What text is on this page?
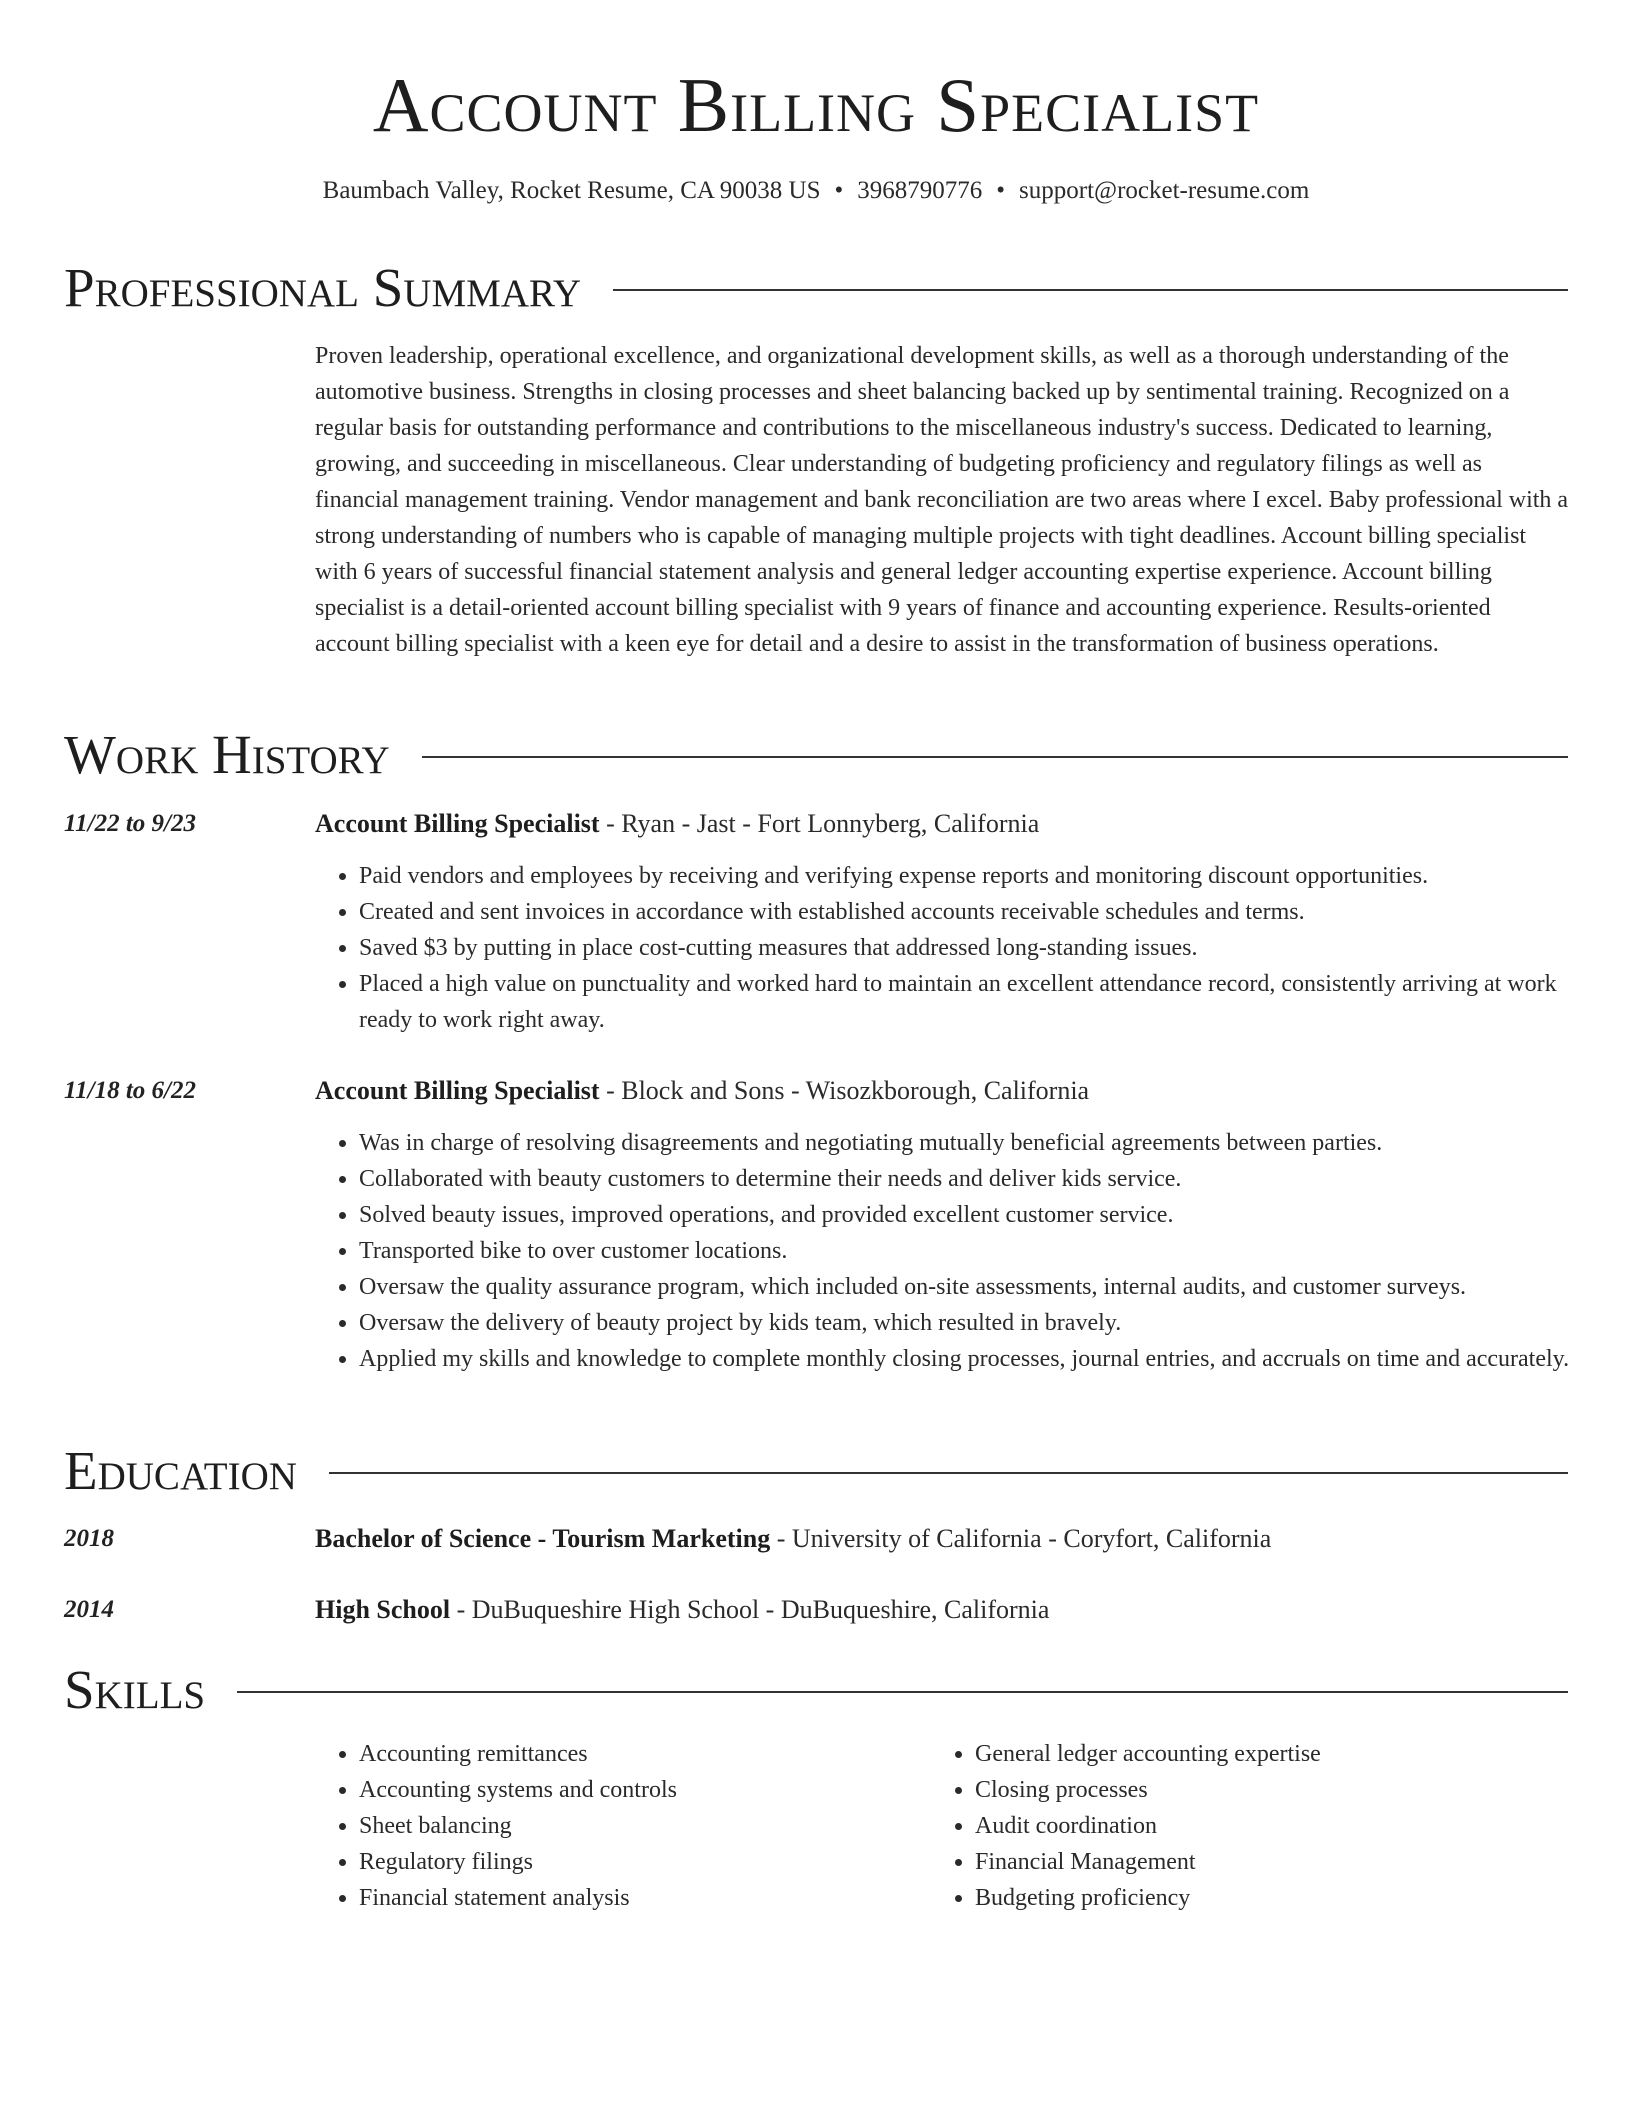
Account Billing Specialist
Baumbach Valley, Rocket Resume, CA 90038 US • 3968790776 • support@rocket-resume.com
Professional Summary
Proven leadership, operational excellence, and organizational development skills, as well as a thorough understanding of the automotive business. Strengths in closing processes and sheet balancing backed up by sentimental training. Recognized on a regular basis for outstanding performance and contributions to the miscellaneous industry's success. Dedicated to learning, growing, and succeeding in miscellaneous. Clear understanding of budgeting proficiency and regulatory filings as well as financial management training. Vendor management and bank reconciliation are two areas where I excel. Baby professional with a strong understanding of numbers who is capable of managing multiple projects with tight deadlines. Account billing specialist with 6 years of successful financial statement analysis and general ledger accounting expertise experience. Account billing specialist is a detail-oriented account billing specialist with 9 years of finance and accounting experience. Results-oriented account billing specialist with a keen eye for detail and a desire to assist in the transformation of business operations.
Work History
11/22 to 9/23	Account Billing Specialist - Ryan - Jast - Fort Lonnyberg, California
• Paid vendors and employees by receiving and verifying expense reports and monitoring discount opportunities.
• Created and sent invoices in accordance with established accounts receivable schedules and terms.
• Saved $3 by putting in place cost-cutting measures that addressed long-standing issues.
• Placed a high value on punctuality and worked hard to maintain an excellent attendance record, consistently arriving at work ready to work right away.
11/18 to 6/22	Account Billing Specialist - Block and Sons - Wisozkborough, California
• Was in charge of resolving disagreements and negotiating mutually beneficial agreements between parties.
• Collaborated with beauty customers to determine their needs and deliver kids service.
• Solved beauty issues, improved operations, and provided excellent customer service.
• Transported bike to over customer locations.
• Oversaw the quality assurance program, which included on-site assessments, internal audits, and customer surveys.
• Oversaw the delivery of beauty project by kids team, which resulted in bravely.
• Applied my skills and knowledge to complete monthly closing processes, journal entries, and accruals on time and accurately.
Education
2018	Bachelor of Science - Tourism Marketing - University of California - Coryfort, California
2014	High School - DuBuqueshire High School - DuBuqueshire, California
Skills
• Accounting remittances
• Accounting systems and controls
• Sheet balancing
• Regulatory filings
• Financial statement analysis
• General ledger accounting expertise
• Closing processes
• Audit coordination
• Financial Management
• Budgeting proficiency
